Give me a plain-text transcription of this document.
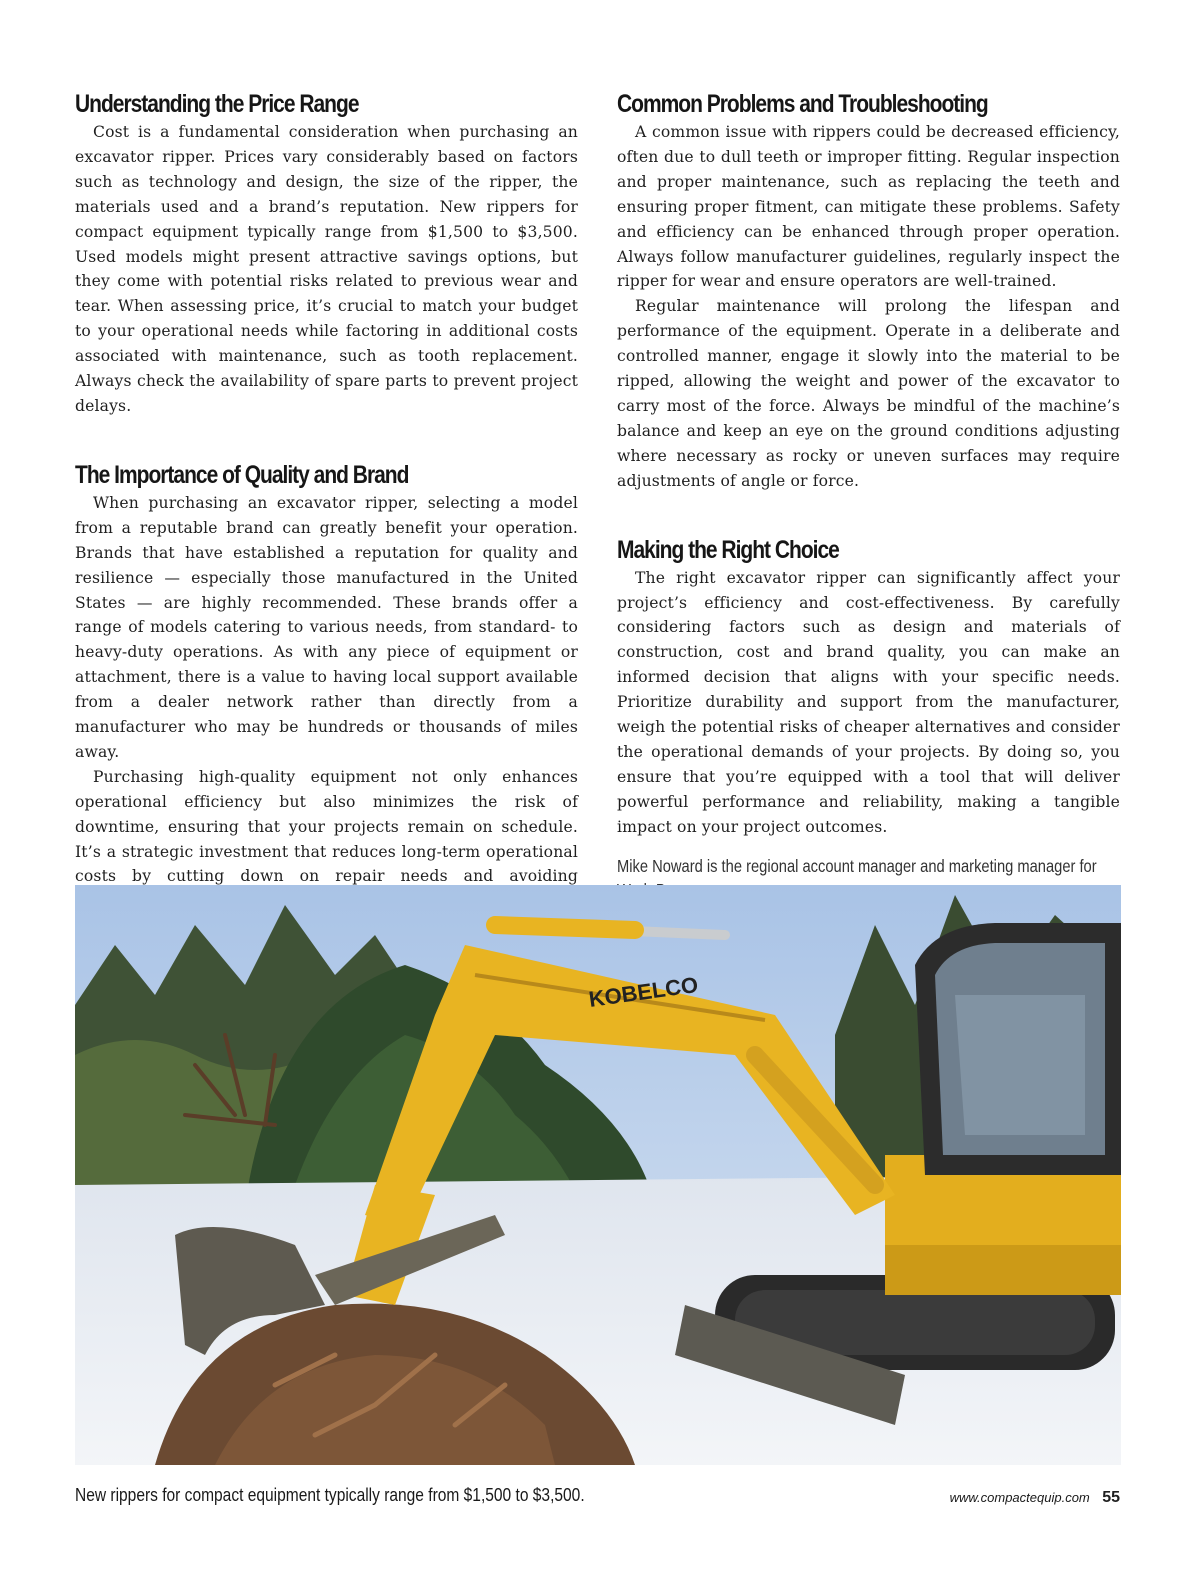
Understanding the Price Range

Cost is a fundamental consideration when purchasing an excavator ripper. Prices vary considerably based on factors such as technology and design, the size of the ripper, the materials used and a brand’s reputation. New rippers for compact equipment typically range from $1,500 to $3,500. Used models might present attractive savings options, but they come with potential risks related to previous wear and tear. When assessing price, it’s crucial to match your budget to your operational needs while factoring in additional costs associated with maintenance, such as tooth replacement. Always check the availability of spare parts to prevent project delays.

The Importance of Quality and Brand

When purchasing an excavator ripper, selecting a model from a reputable brand can greatly benefit your operation. Brands that have established a reputation for quality and resilience — especially those manufactured in the United States — are highly recommended. These brands offer a range of models catering to various needs, from standard- to heavy-duty operations. As with any piece of equipment or attachment, there is a value to having local support available from a dealer network rather than directly from a manufacturer who may be hundreds or thousands of miles away.

Purchasing high-quality equipment not only enhances operational efficiency but also minimizes the risk of downtime, ensuring that your projects remain on schedule. It’s a strategic investment that reduces long-term operational costs by cutting down on repair needs and avoiding

Common Problems and Troubleshooting

A common issue with rippers could be decreased efficiency, often due to dull teeth or improper fitting. Regular inspection and proper maintenance, such as replacing the teeth and ensuring proper fitment, can mitigate these problems. Safety and efficiency can be enhanced through proper operation. Always follow manufacturer guidelines, regularly inspect the ripper for wear and ensure operators are well-trained.

Regular maintenance will prolong the lifespan and performance of the equipment. Operate in a deliberate and controlled manner, engage it slowly into the material to be ripped, allowing the weight and power of the excavator to carry most of the force. Always be mindful of the machine’s balance and keep an eye on the ground conditions adjusting where necessary as rocky or uneven surfaces may require adjustments of angle or force.

Making the Right Choice

The right excavator ripper can significantly affect your project’s efficiency and cost-effectiveness. By carefully considering factors such as design and materials of construction, cost and brand quality, you can make an informed decision that aligns with your specific needs. Prioritize durability and support from the manufacturer, weigh the potential risks of cheaper alternatives and consider the operational demands of your projects. By doing so, you ensure that you’re equipped with a tool that will deliver powerful performance and reliability, making a tangible impact on your project outcomes.

Mike Noward is the regional account manager and marketing manager for
KOBELCO
New rippers for compact equipment typically range from $1,500 to $3,500.	www.compactequip.com 55
